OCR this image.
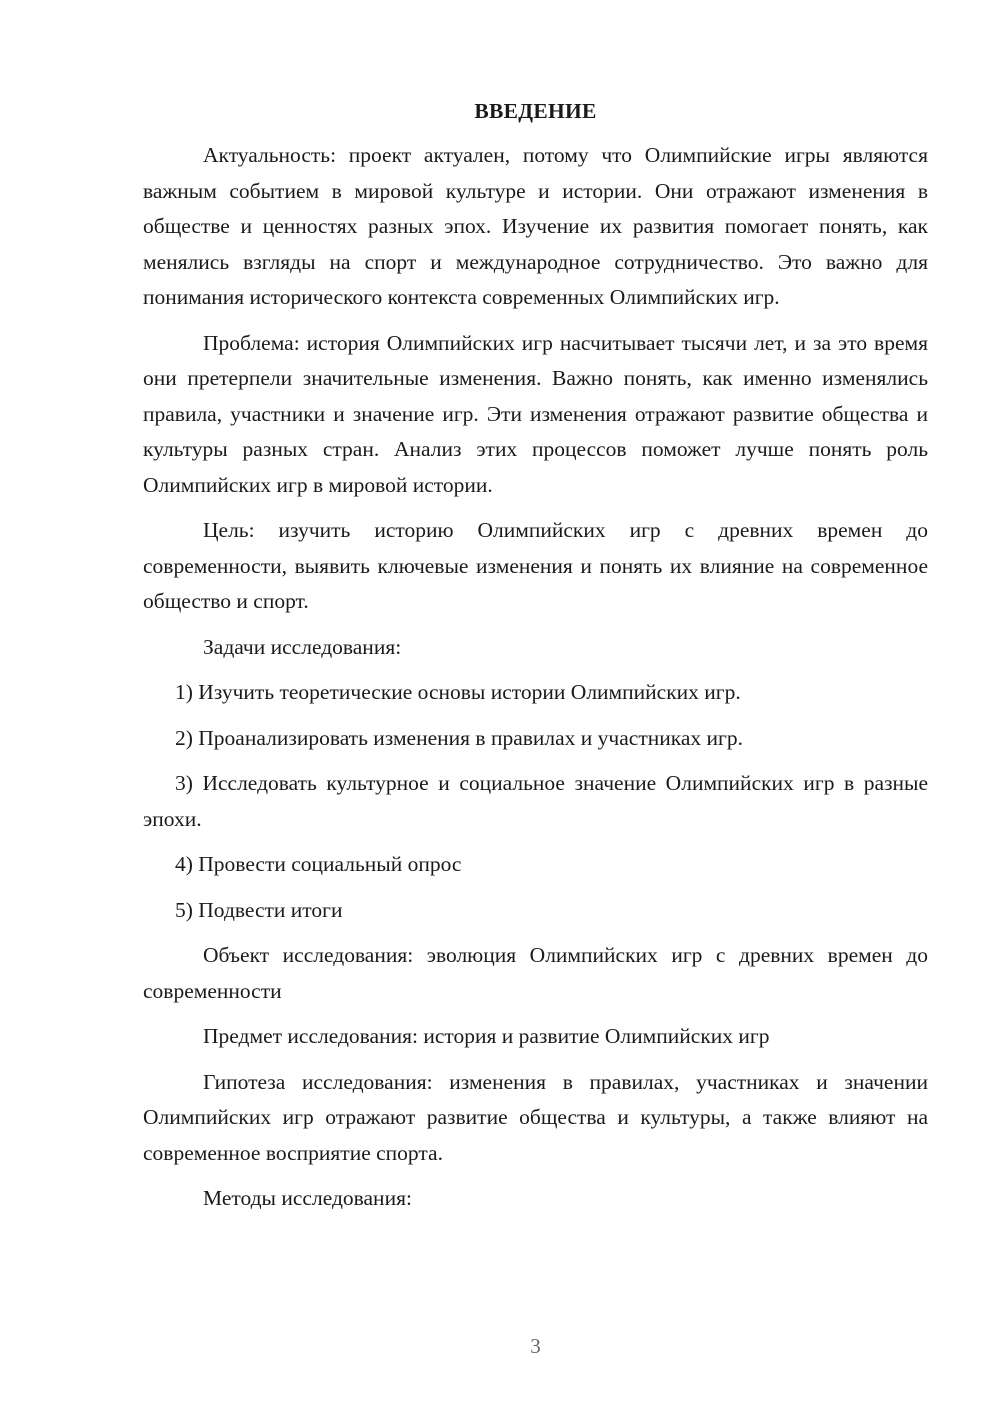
ВВЕДЕНИЕ

Актуальность: проект актуален, потому что Олимпийские игры являются важным событием в мировой культуре и истории. Они отражают изменения в обществе и ценностях разных эпох. Изучение их развития помогает понять, как менялись взгляды на спорт и международное сотрудничество. Это важно для понимания исторического контекста современных Олимпийских игр.

Проблема: история Олимпийских игр насчитывает тысячи лет, и за это время они претерпели значительные изменения. Важно понять, как именно изменялись правила, участники и значение игр. Эти изменения отражают развитие общества и культуры разных стран. Анализ этих процессов поможет лучше понять роль Олимпийских игр в мировой истории.

Цель: изучить историю Олимпийских игр с древних времен до современности, выявить ключевые изменения и понять их влияние на современное общество и спорт.

Задачи исследования:

1) Изучить теоретические основы истории Олимпийских игр.

2) Проанализировать изменения в правилах и участниках игр.

3) Исследовать культурное и социальное значение Олимпийских игр в разные эпохи.

4) Провести социальный опрос

5) Подвести итоги

Объект исследования: эволюция Олимпийских игр с древних времен до современности

Предмет исследования: история и развитие Олимпийских игр

Гипотеза исследования: изменения в правилах, участниках и значении Олимпийских игр отражают развитие общества и культуры, а также влияют на современное восприятие спорта.

Методы исследования:

3
